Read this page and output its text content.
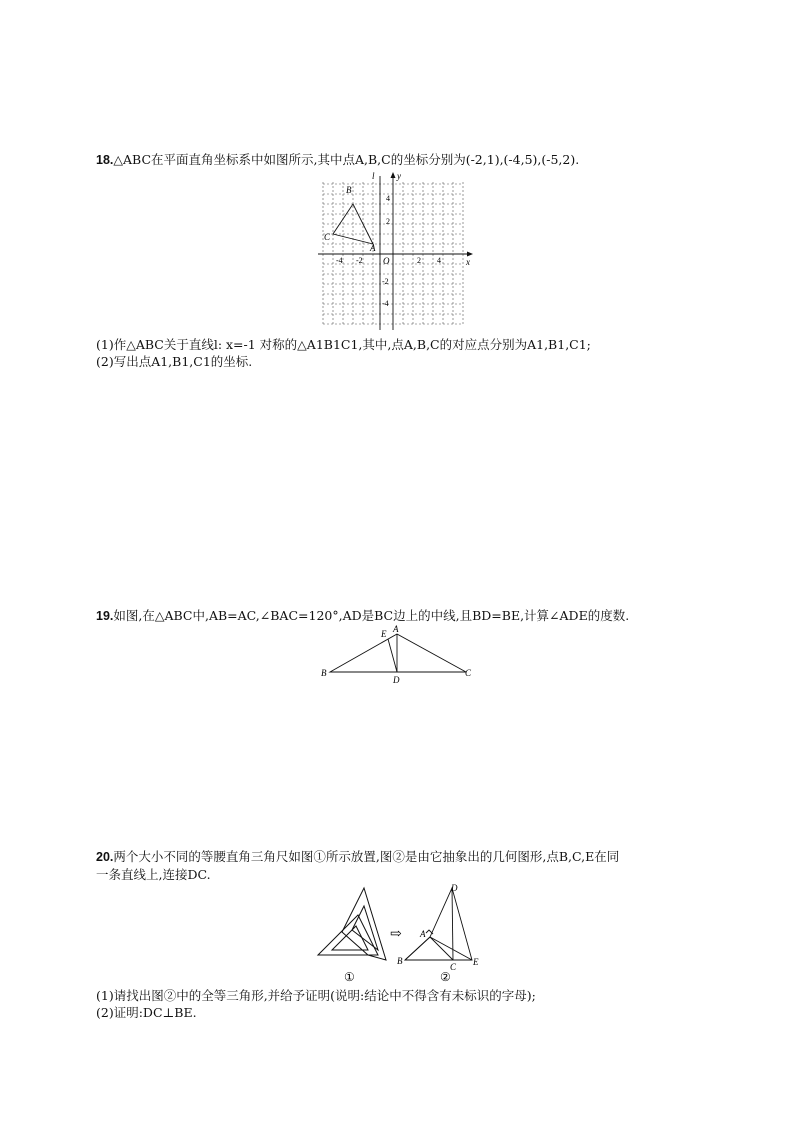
18.△ABC在平面直角坐标系中如图所示,其中点A,B,C的坐标分别为(-2,1),(-4,5),(-5,2).
l y
x
O
A
B
C
-4 -2	2 4
4
2
-2
-4
(1)作△ABC关于直线l: x=-1 对称的△A1B1C1,其中,点A,B,C的对应点分别为A1,B1,C1;
(2)写出点A1,B1,C1的坐标.
19.如图,在△ABC中,AB=AC,∠BAC=120°,AD是BC边上的中线,且BD=BE,计算∠ADE的度数.
A
E
B	C
D
20.两个大小不同的等腰直角三角尺如图①所示放置,图②是由它抽象出的几何图形,点B,C,E在同
一条直线上,连接DC.
⇨
D
A
B
C E
①	②
(1)请找出图②中的全等三角形,并给予证明(说明:结论中不得含有未标识的字母);
(2)证明:DC⊥BE.
